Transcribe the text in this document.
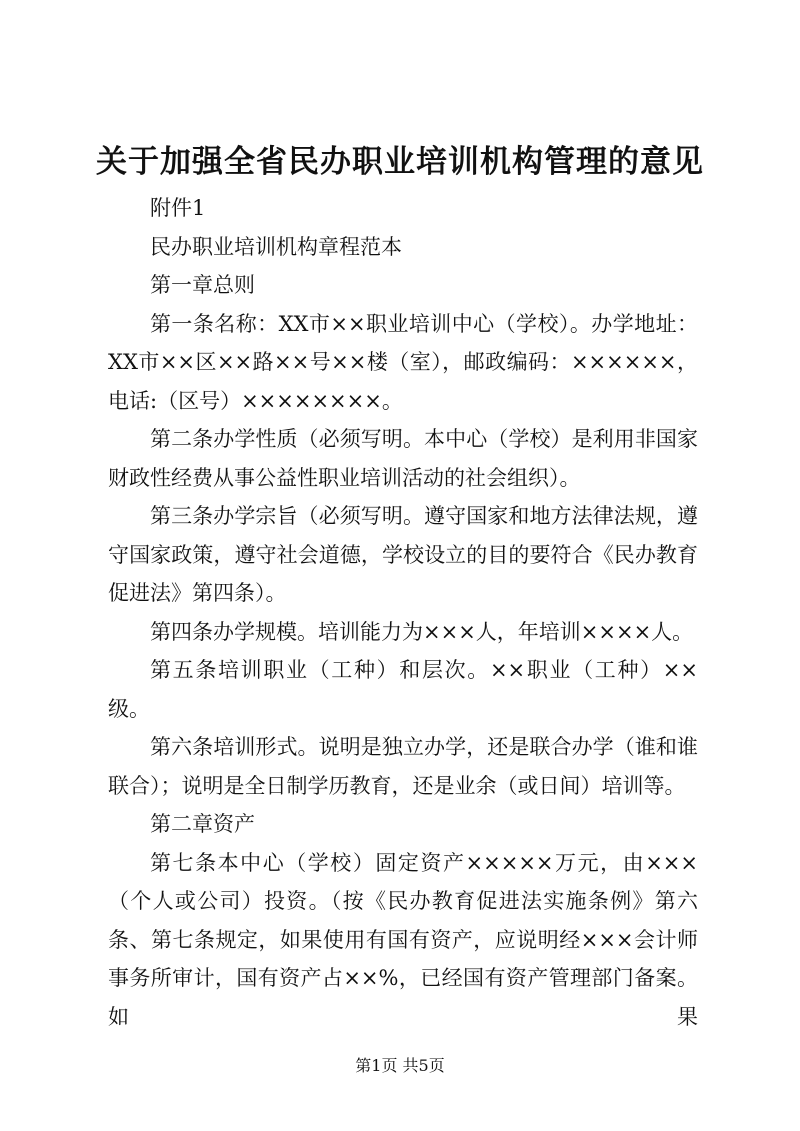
关于加强全省民办职业培训机构管理的意见

附件1

民办职业培训机构章程范本

第一章总则

第一条名称：XX市××职业培训中心（学校）。办学地址：XX市××区××路××号××楼（室），邮政编码：××××××，电话:（区号）××××××××。

第二条办学性质（必须写明。本中心（学校）是利用非国家财政性经费从事公益性职业培训活动的社会组织）。

第三条办学宗旨（必须写明。遵守国家和地方法律法规，遵守国家政策，遵守社会道德，学校设立的目的要符合《民办教育促进法》第四条）。

第四条办学规模。培训能力为×××人，年培训××××人。

第五条培训职业（工种）和层次。××职业（工种）××级。

第六条培训形式。说明是独立办学，还是联合办学（谁和谁联合）；说明是全日制学历教育，还是业余（或日间）培训等。

第二章资产

第七条本中心（学校）固定资产×××××万元，由×××（个人或公司）投资。（按《民办教育促进法实施条例》第六条、第七条规定，如果使用有国有资产，应说明经×××会计师事务所审计，国有资产占××%，已经国有资产管理部门备案。如果

第1页 共5页
